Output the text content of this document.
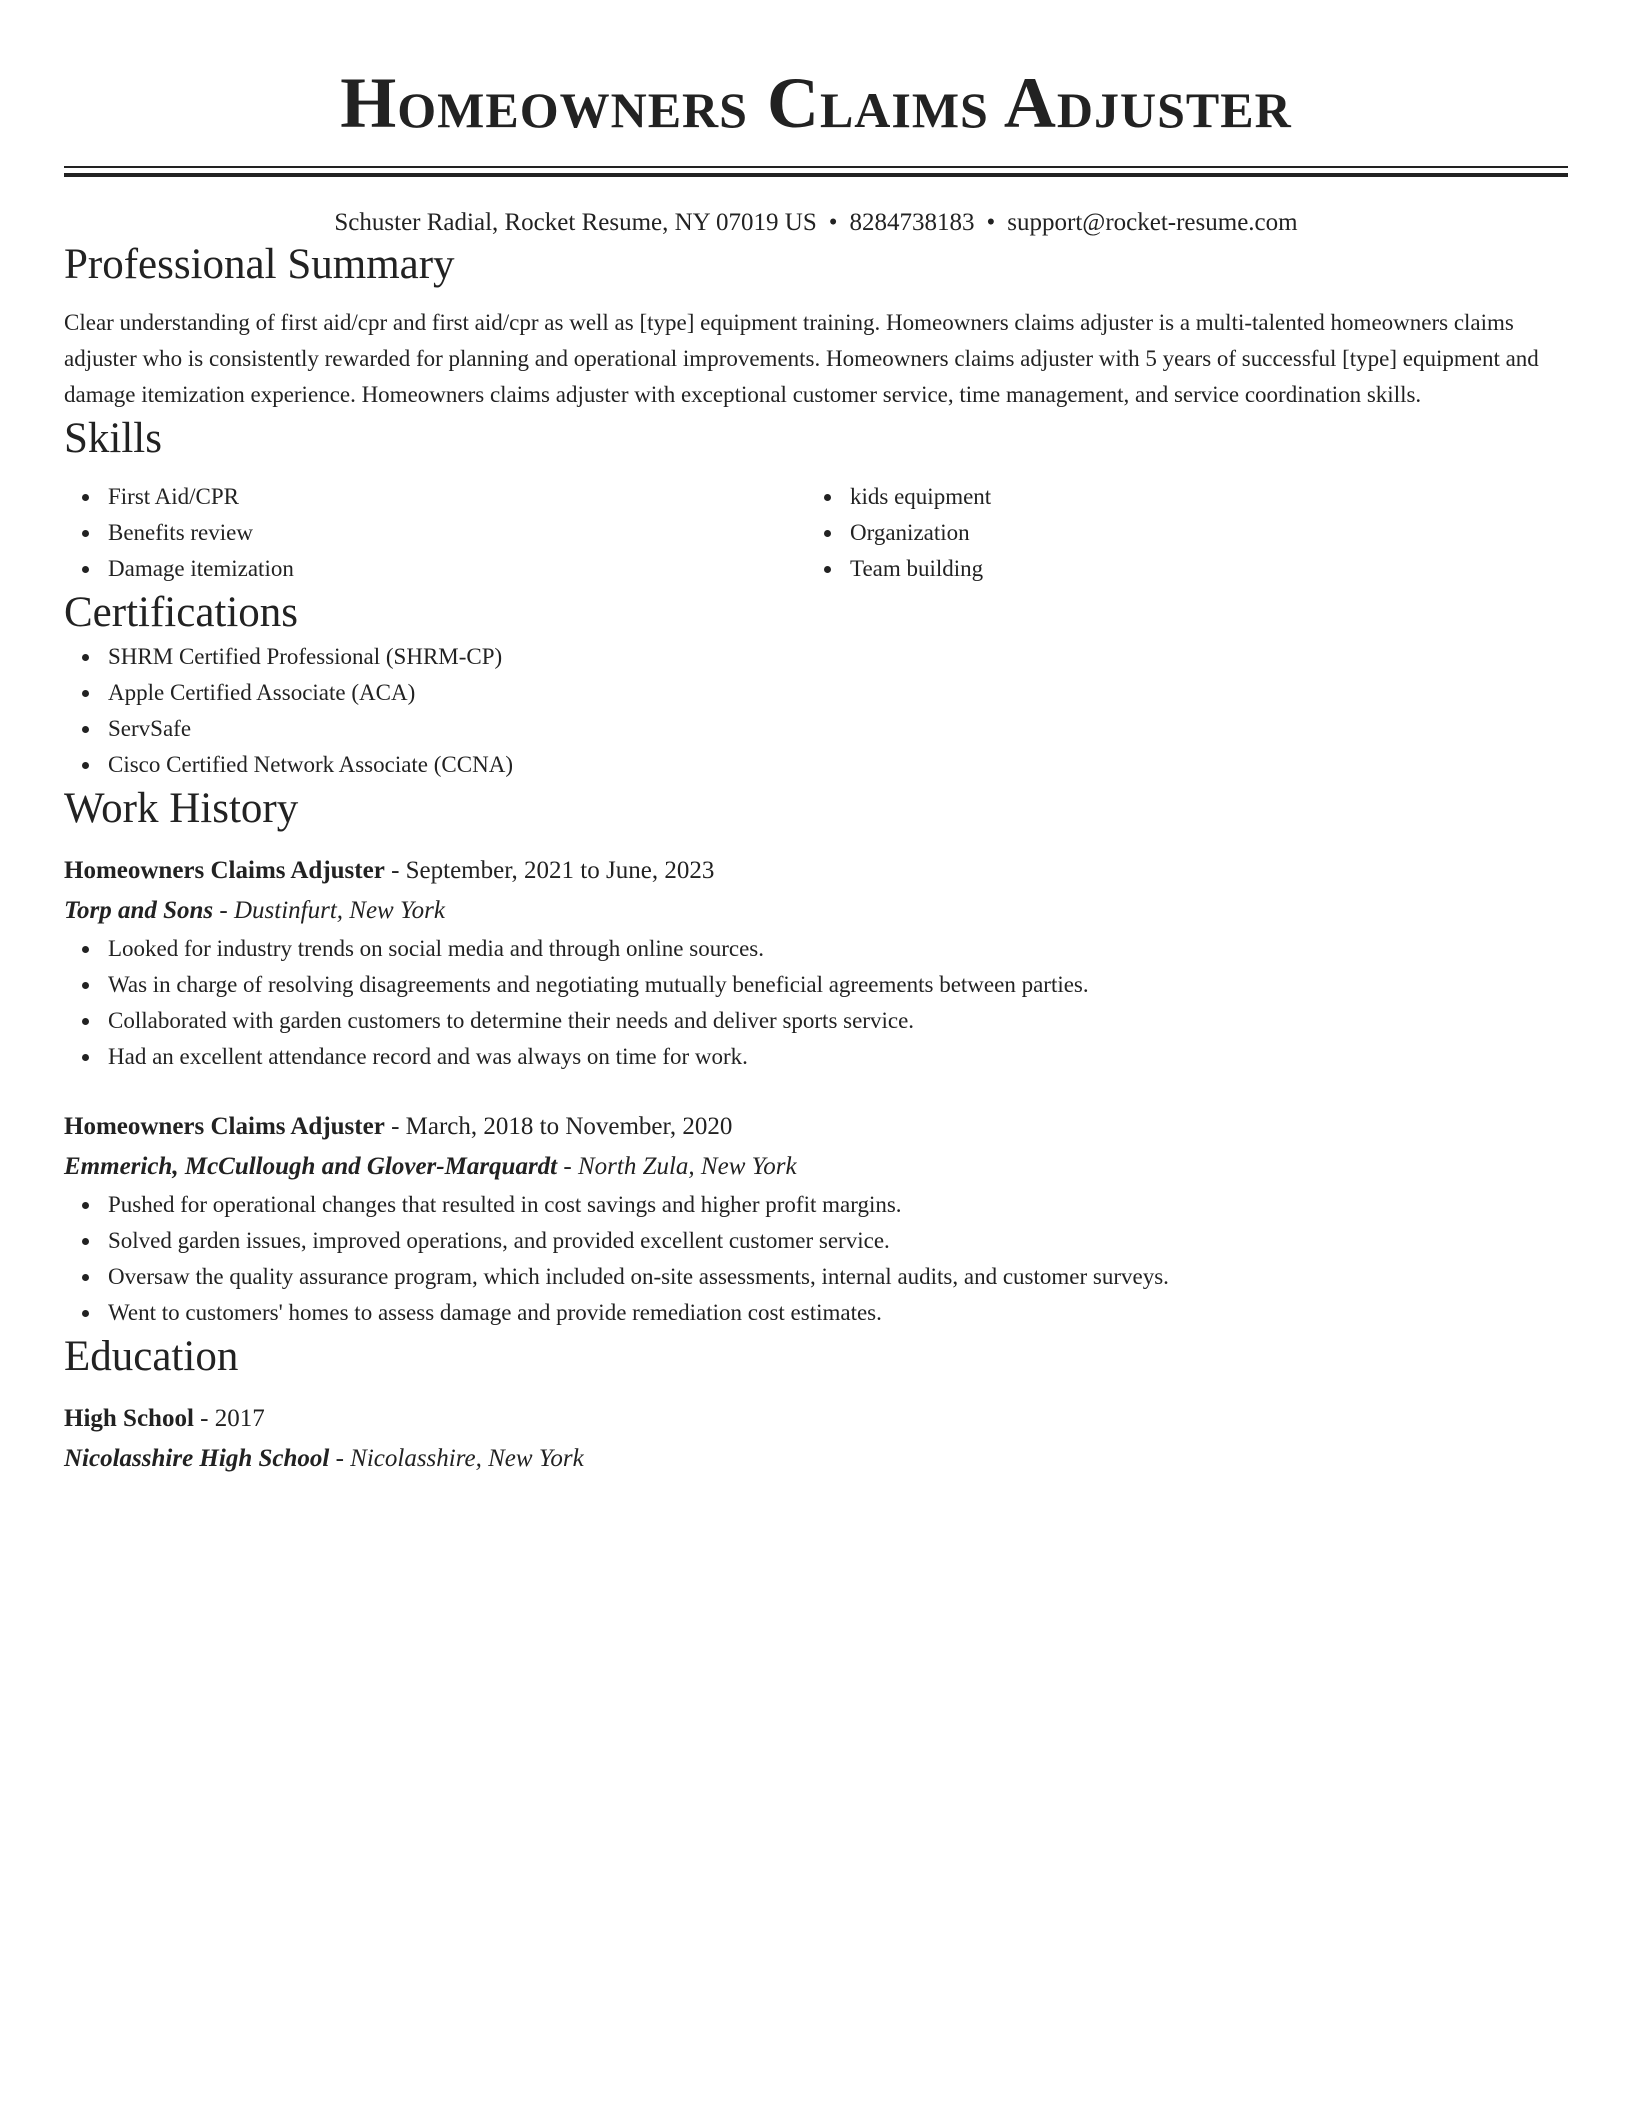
Homeowners Claims Adjuster
Schuster Radial, Rocket Resume, NY 07019 US • 8284738183 • support@rocket-resume.com
Professional Summary
Clear understanding of first aid/cpr and first aid/cpr as well as [type] equipment training. Homeowners claims adjuster is a multi-talented homeowners claims adjuster who is consistently rewarded for planning and operational improvements. Homeowners claims adjuster with 5 years of successful [type] equipment and damage itemization experience. Homeowners claims adjuster with exceptional customer service, time management, and service coordination skills.
Skills
First Aid/CPR
Benefits review
Damage itemization
kids equipment
Organization
Team building
Certifications
SHRM Certified Professional (SHRM-CP)
Apple Certified Associate (ACA)
ServSafe
Cisco Certified Network Associate (CCNA)
Work History
Homeowners Claims Adjuster - September, 2021 to June, 2023
Torp and Sons - Dustinfurt, New York
Looked for industry trends on social media and through online sources.
Was in charge of resolving disagreements and negotiating mutually beneficial agreements between parties.
Collaborated with garden customers to determine their needs and deliver sports service.
Had an excellent attendance record and was always on time for work.
Homeowners Claims Adjuster - March, 2018 to November, 2020
Emmerich, McCullough and Glover-Marquardt - North Zula, New York
Pushed for operational changes that resulted in cost savings and higher profit margins.
Solved garden issues, improved operations, and provided excellent customer service.
Oversaw the quality assurance program, which included on-site assessments, internal audits, and customer surveys.
Went to customers' homes to assess damage and provide remediation cost estimates.
Education
High School - 2017
Nicolasshire High School - Nicolasshire, New York
